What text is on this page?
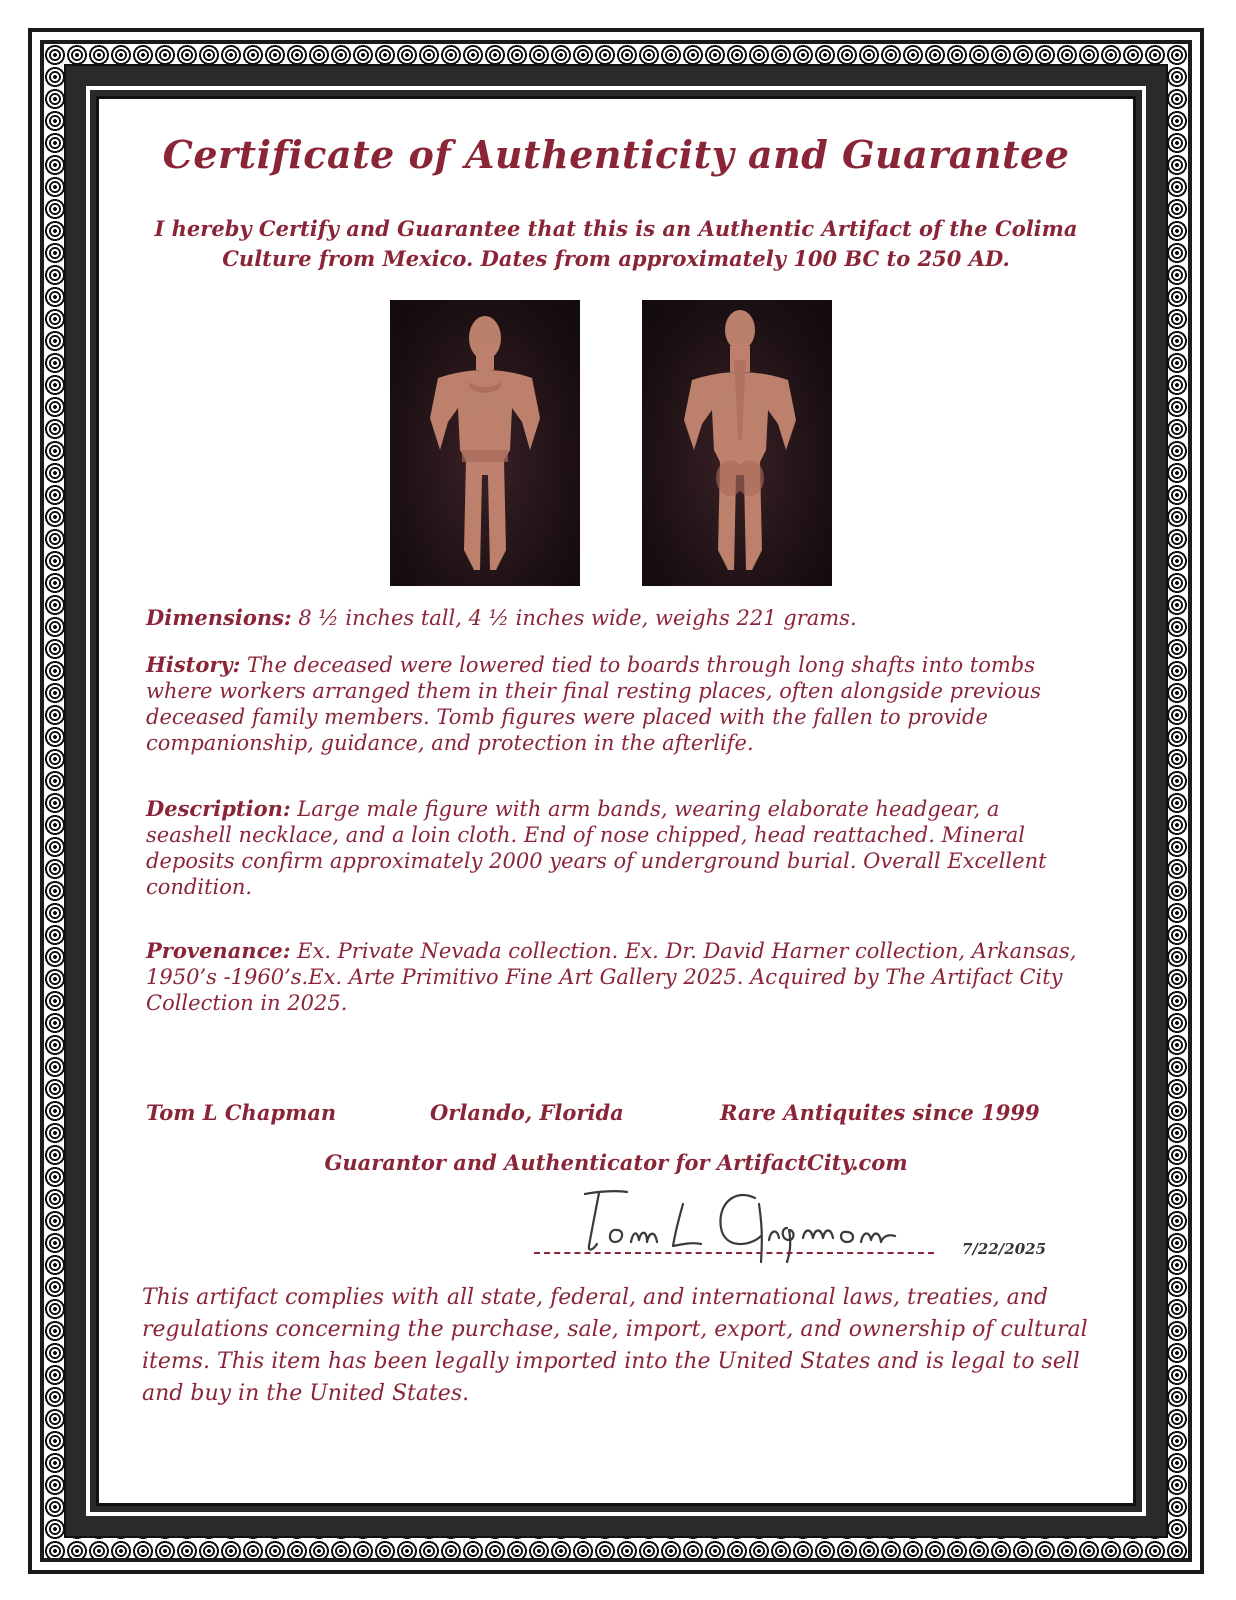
Certificate of Authenticity and Guarantee
I hereby Certify and Guarantee that this is an Authentic Artifact of the Colima Culture from Mexico. Dates from approximately 100 BC to 250 AD.
Dimensions: 8 ½ inches tall, 4 ½ inches wide, weighs 221 grams.
History: The deceased were lowered tied to boards through long shafts into tombs where workers arranged them in their final resting places, often alongside previous deceased family members. Tomb figures were placed with the fallen to provide companionship, guidance, and protection in the afterlife.
Description: Large male figure with arm bands, wearing elaborate headgear, a seashell necklace, and a loin cloth. End of nose chipped, head reattached. Mineral deposits confirm approximately 2000 years of underground burial. Overall Excellent condition.
Provenance: Ex. Private Nevada collection. Ex. Dr. David Harner collection, Arkansas, 1950’s -1960’s.Ex. Arte Primitivo Fine Art Gallery 2025. Acquired by The Artifact City Collection in 2025.
Tom L Chapman	Orlando, Florida	Rare Antiquites since 1999
Guarantor and Authenticator for ArtifactCity.com
7/22/2025
This artifact complies with all state, federal, and international laws, treaties, and regulations concerning the purchase, sale, import, export, and ownership of cultural items. This item has been legally imported into the United States and is legal to sell and buy in the United States.
